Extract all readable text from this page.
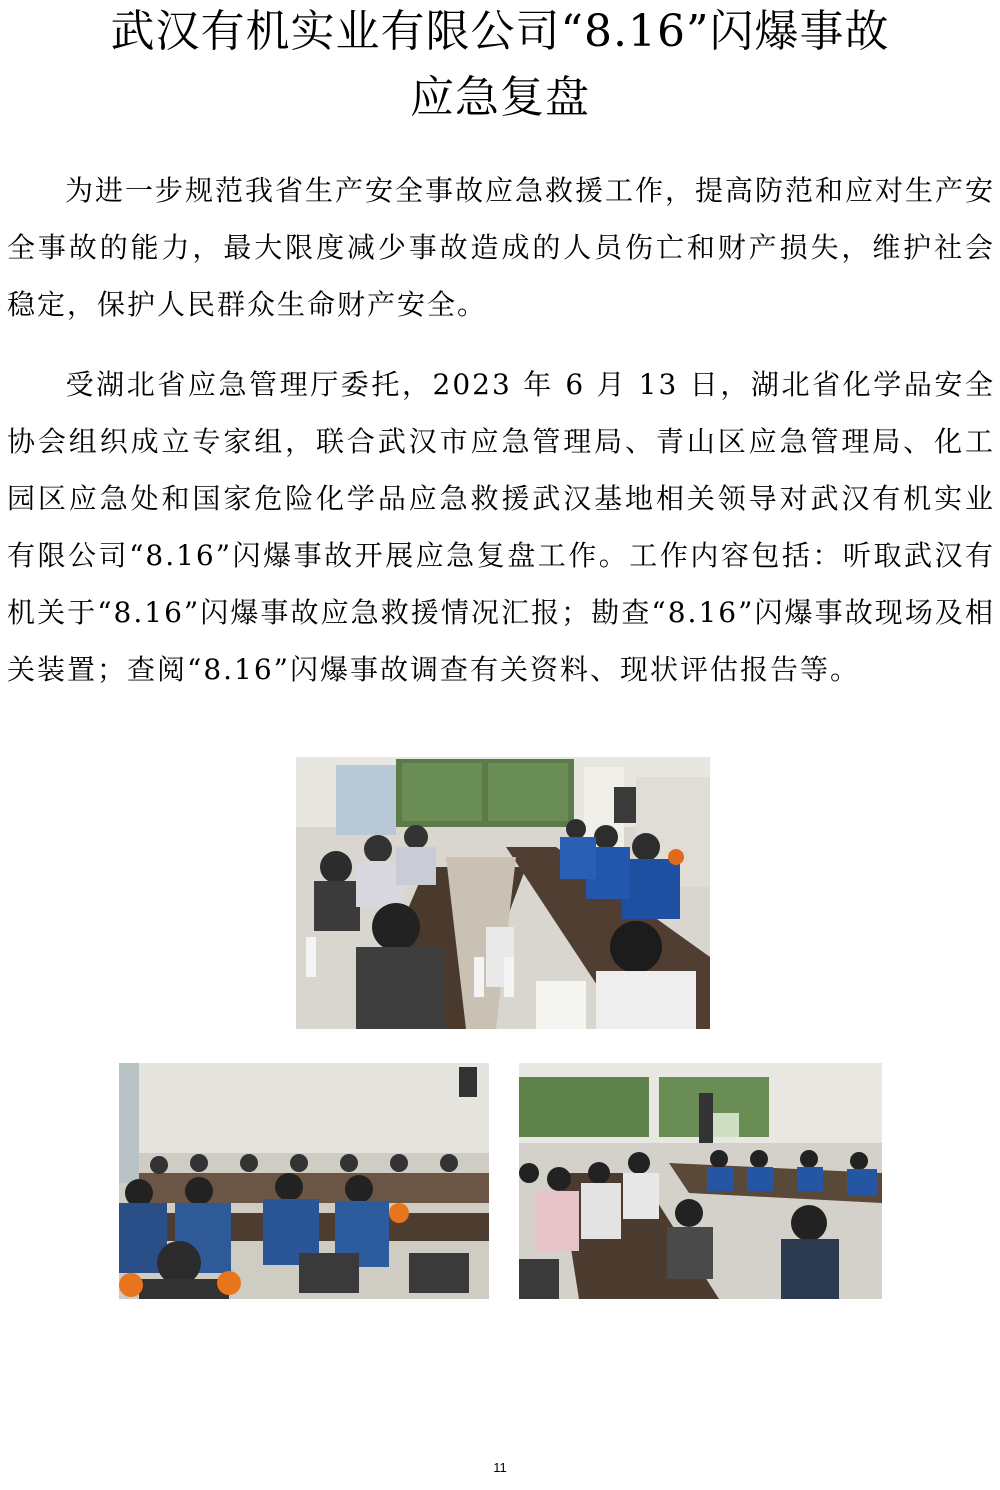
武汉有机实业有限公司“8.16”闪爆事故
应急复盘
为进一步规范我省生产安全事故应急救援工作，提高防范和应对生产安全事故的能力，最大限度减少事故造成的人员伤亡和财产损失，维护社会稳定，保护人民群众生命财产安全。
受湖北省应急管理厅委托，2023 年 6 月 13 日，湖北省化学品安全协会组织成立专家组，联合武汉市应急管理局、青山区应急管理局、化工园区应急处和国家危险化学品应急救援武汉基地相关领导对武汉有机实业有限公司“8.16”闪爆事故开展应急复盘工作。工作内容包括：听取武汉有机关于“8.16”闪爆事故应急救援情况汇报；勘查“8.16”闪爆事故现场及相关装置；查阅“8.16”闪爆事故调查有关资料、现状评估报告等。
11
